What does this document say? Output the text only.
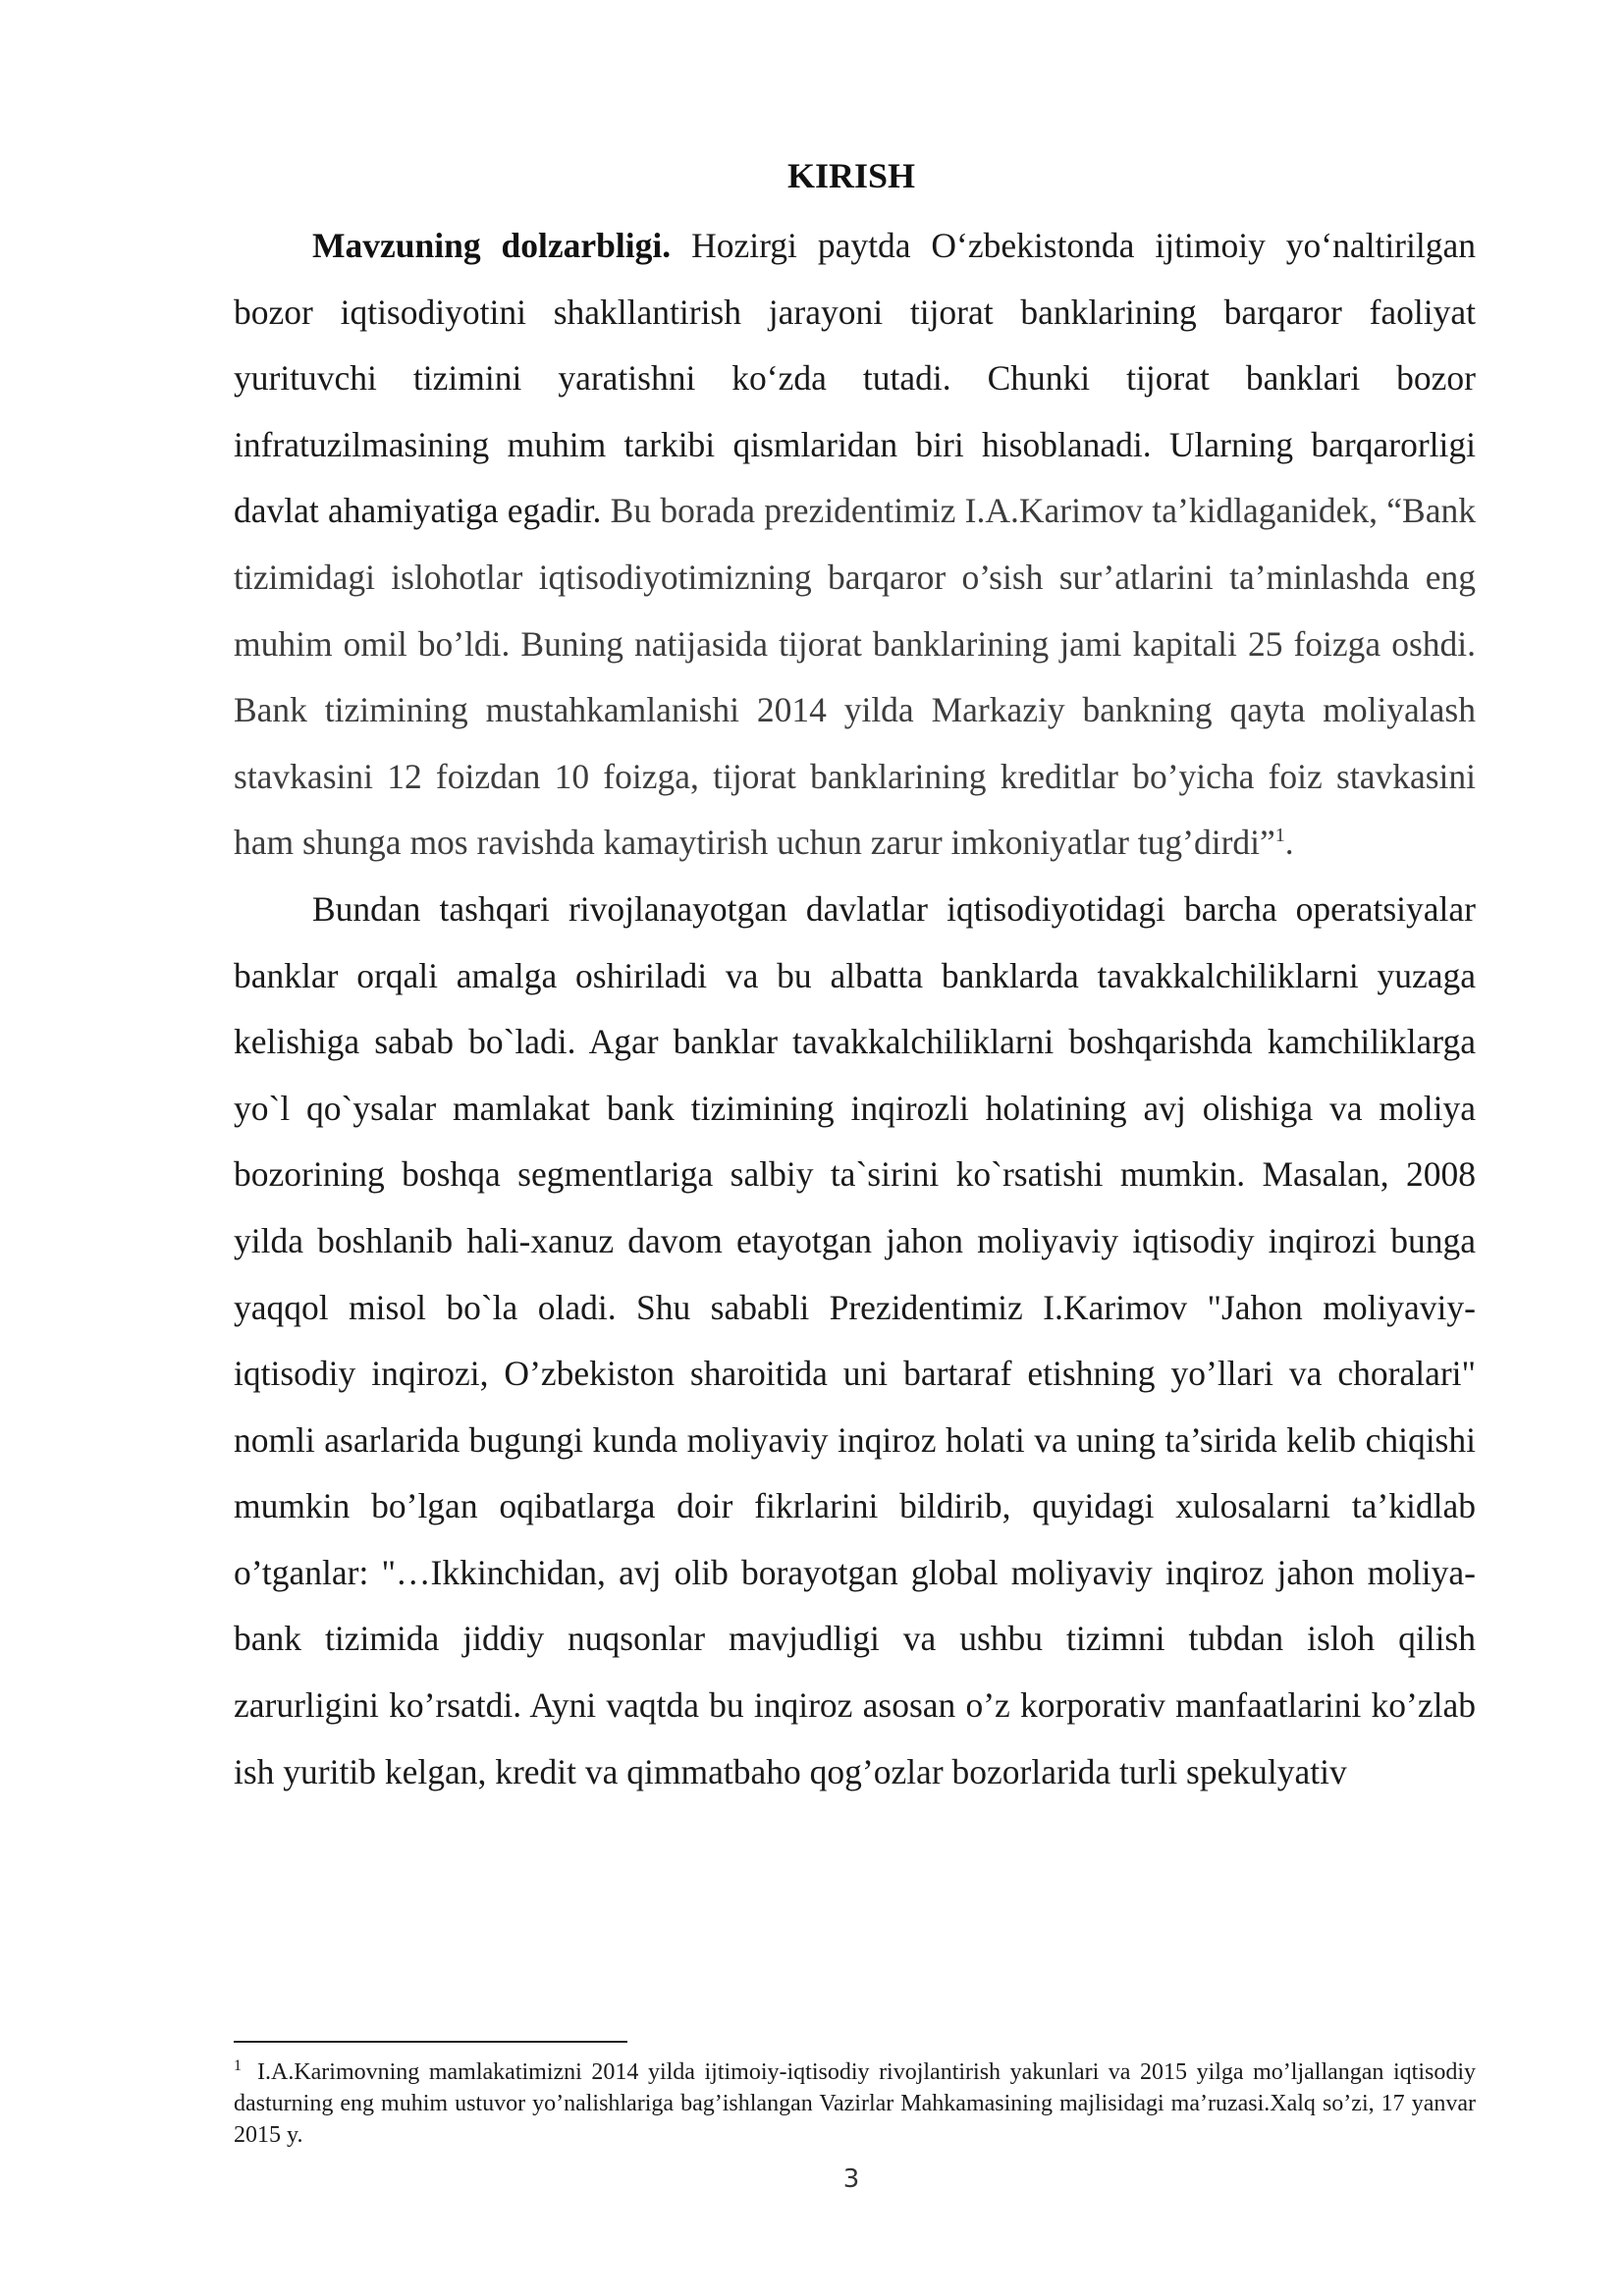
KIRISH

Mavzuning dolzarbligi. Hozirgi paytda O‘zbekistonda ijtimoiy yo‘naltirilgan bozor iqtisodiyotini shakllantirish jarayoni tijorat banklarining barqaror faoliyat yurituvchi tizimini yaratishni ko‘zda tutadi. Chunki tijorat banklari bozor infratuzilmasining muhim tarkibi qismlaridan biri hisoblanadi. Ularning barqarorligi davlat ahamiyatiga egadir. Bu borada prezidentimiz I.A.Karimov ta’kidlaganidek, “Bank tizimidagi islohotlar iqtisodiyotimizning barqaror o’sish sur’atlarini ta’minlashda eng muhim omil bo’ldi. Buning natijasida tijorat banklarining jami kapitali 25 foizga oshdi. Bank tizimining mustahkamlanishi 2014 yilda Markaziy bankning qayta moliyalash stavkasini 12 foizdan 10 foizga, tijorat banklarining kreditlar bo’yicha foiz stavkasini ham shunga mos ravishda kamaytirish uchun zarur imkoniyatlar tug’dirdi”$^1$.

Bundan tashqari rivojlanayotgan davlatlar iqtisodiyotidagi barcha operatsiyalar banklar orqali amalga oshiriladi va bu albatta banklarda tavakkalchiliklarni yuzaga kelishiga sabab bo`ladi. Agar banklar tavakkalchiliklarni boshqarishda kamchiliklarga yo`l qo`ysalar mamlakat bank tizimining inqirozli holatining avj olishiga va moliya bozorining boshqa segmentlariga salbiy ta`sirini ko`rsatishi mumkin. Masalan, 2008 yilda boshlanib hali-xanuz davom etayotgan jahon moliyaviy iqtisodiy inqirozi bunga yaqqol misol bo`la oladi. Shu sababli Prezidentimiz I.Karimov "Jahon moliyaviy-iqtisodiy inqirozi, O’zbekiston sharoitida uni bartaraf etishning yo’llari va choralari" nomli asarlarida bugungi kunda moliyaviy inqiroz holati va uning ta’sirida kelib chiqishi mumkin bo’lgan oqibatlarga doir fikrlarini bildirib, quyidagi xulosalarni ta’kidlab o’tganlar: "…Ikkinchidan, avj olib borayotgan global moliyaviy inqiroz jahon moliya-bank tizimida jiddiy nuqsonlar mavjudligi va ushbu tizimni tubdan isloh qilish zarurligini ko’rsatdi. Ayni vaqtda bu inqiroz asosan o’z korporativ manfaatlarini ko’zlab ish yuritib kelgan, kredit va qimmatbaho qog’ozlar bozorlarida turli spekulyativ

$^1$ I.A.Karimovning mamlakatimizni 2014 yilda ijtimoiy-iqtisodiy rivojlantirish yakunlari va 2015 yilga mo’ljallangan iqtisodiy dasturning eng muhim ustuvor yo’nalishlariga bag’ishlangan Vazirlar Mahkamasining majlisidagi ma’ruzasi.Xalq so’zi, 17 yanvar 2015 y.
3
